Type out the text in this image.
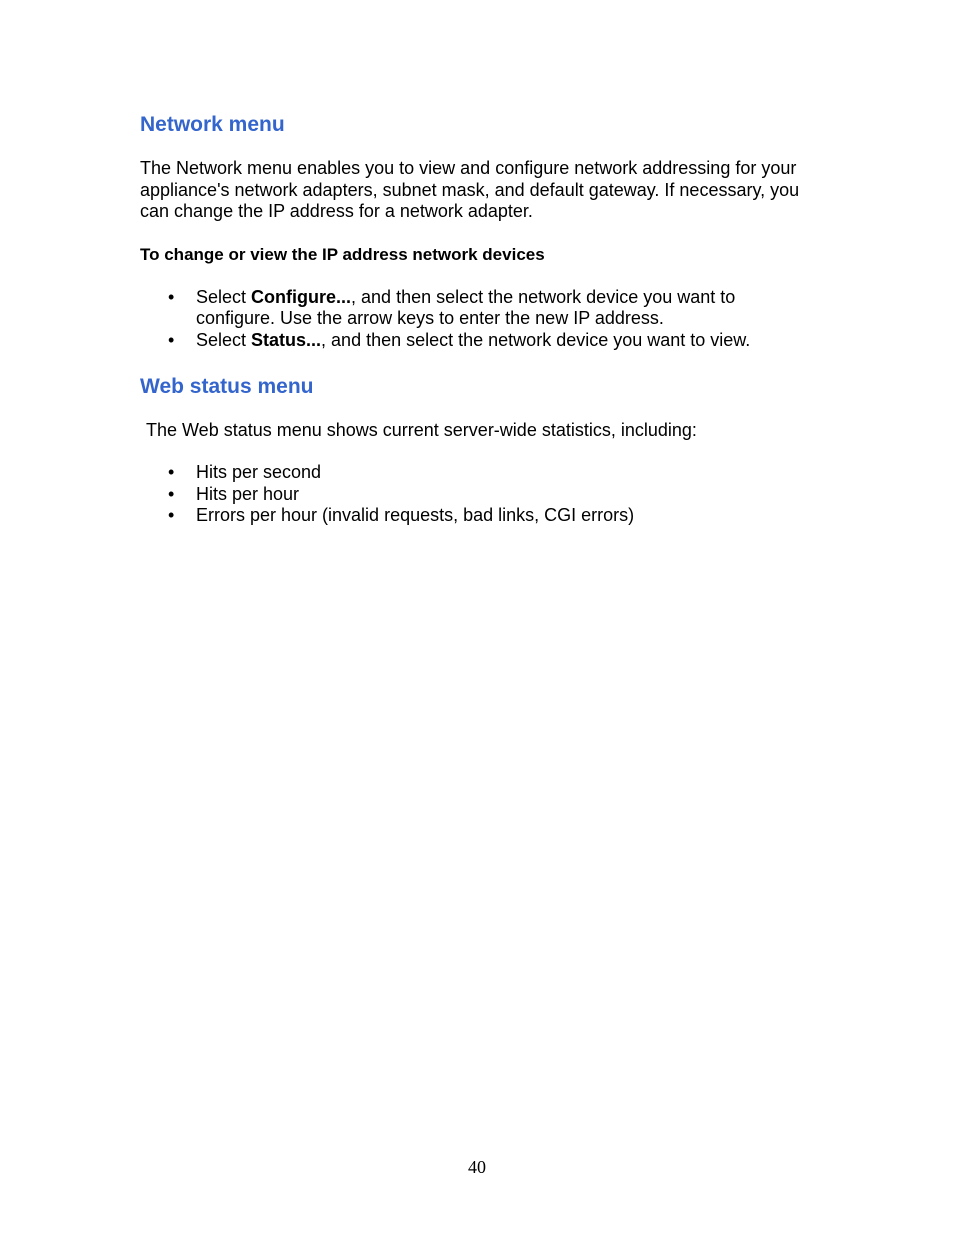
Network menu

The Network menu enables you to view and configure network addressing for your appliance's network adapters, subnet mask, and default gateway. If necessary, you can change the IP address for a network adapter.

To change or view the IP address network devices

• Select Configure..., and then select the network device you want to configure. Use the arrow keys to enter the new IP address.
• Select Status..., and then select the network device you want to view.
Web status menu

The Web status menu shows current server-wide statistics, including:

• Hits per second
• Hits per hour
• Errors per hour (invalid requests, bad links, CGI errors)
40
